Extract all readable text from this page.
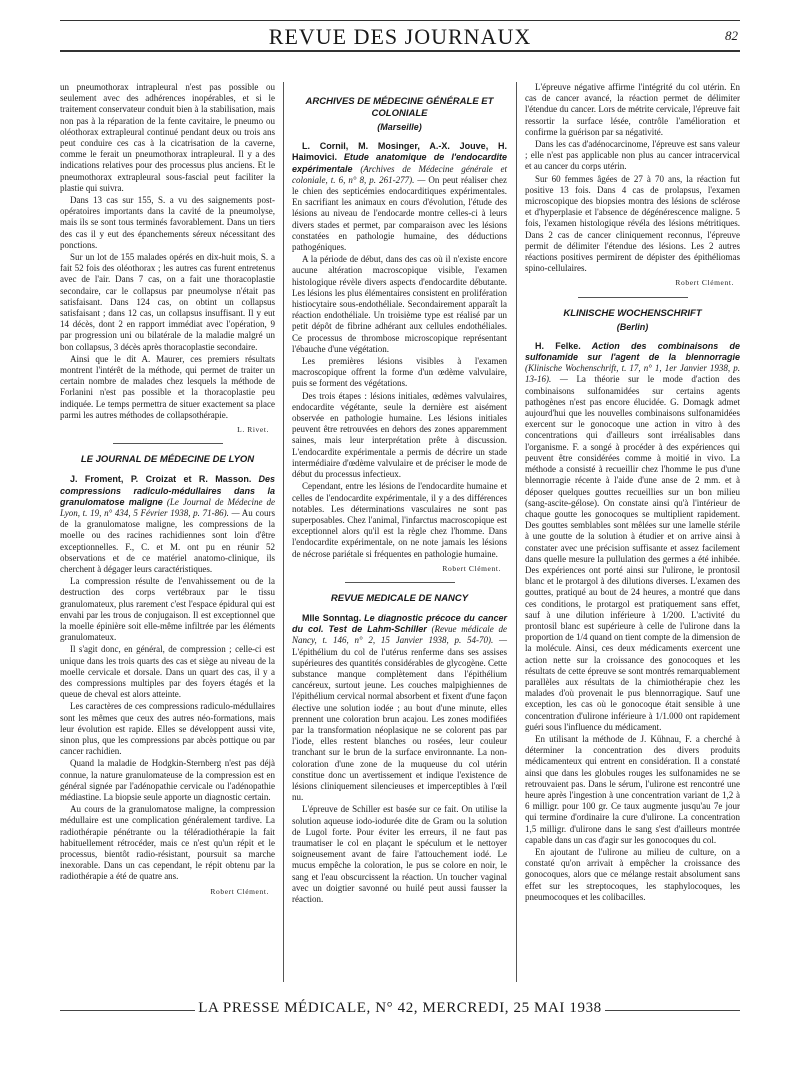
REVUE DES JOURNAUX	82

un pneumothorax intrapleural n'est pas possible ou seulement avec des adhérences inopérables, et si le traitement conservateur conduit bien à la stabilisation, mais non pas à la réparation de la fente cavitaire, le pneumo ou oléothorax extrapleural continué pendant deux ou trois ans peut conduire ces cas à la cicatrisation de la caverne, comme le ferait un pneumothorax intrapleural. Il y a des indications relatives pour des processus plus anciens. Et le pneumothorax extrapleural sous-fascial peut faciliter la plastie qui suivra.

Dans 13 cas sur 155, S. a vu des saignements post-opératoires importants dans la cavité de la pneumolyse, mais ils se sont tous terminés favorablement. Dans un tiers des cas il y eut des épanchements séreux nécessitant des ponctions.

Sur un lot de 155 malades opérés en dix-huit mois, S. a fait 52 fois des oléothorax ; les autres cas furent entretenus avec de l'air. Dans 7 cas, on a fait une thoracoplastie secondaire, car le collapsus par pneumolyse n'était pas satisfaisant. Dans 124 cas, on obtint un collapsus satisfaisant ; dans 12 cas, un collapsus insuffisant. Il y eut 14 décès, dont 2 en rapport immédiat avec l'opération, 9 par progression uni ou bilatérale de la maladie malgré un bon collapsus, 3 décès après thoracoplastie secondaire.

Ainsi que le dit A. Maurer, ces premiers résultats montrent l'intérêt de la méthode, qui permet de traiter un certain nombre de malades chez lesquels la méthode de Forlanini n'est pas possible et la thoracoplastie peu indiquée. Le temps permettra de situer exactement sa place parmi les autres méthodes de collapsothérapie.

L. Rivet.
LE JOURNAL DE MÉDECINE DE LYON

J. Froment, P. Croizat et R. Masson. Des compressions radiculo-médullaires dans la granulomatose maligne (Le Journal de Médecine de Lyon, t. 19, n° 434, 5 Février 1938, p. 71-86). — Au cours de la granulomatose maligne, les compressions de la moelle ou des racines rachidiennes sont loin d'être exceptionnelles. F., C. et M. ont pu en réunir 52 observations et de ce matériel anatomo-clinique, ils cherchent à dégager leurs caractéristiques.

La compression résulte de l'envahissement ou de la destruction des corps vertébraux par le tissu granulomateux, plus rarement c'est l'espace épidural qui est envahi par les trous de conjugaison. Il est exceptionnel que la moelle épinière soit elle-même infiltrée par les éléments granulomateux.

Il s'agit donc, en général, de compression ; celle-ci est unique dans les trois quarts des cas et siège au niveau de la moelle cervicale et dorsale. Dans un quart des cas, il y a des compressions multiples par des foyers étagés et la queue de cheval est alors atteinte.

Les caractères de ces compressions radiculo-médullaires sont les mêmes que ceux des autres néo-formations, mais leur évolution est rapide. Elles se développent aussi vite, sinon plus, que les compressions par abcès pottique ou par cancer rachidien.

Quand la maladie de Hodgkin-Sternberg n'est pas déjà connue, la nature granulomateuse de la compression est en général signée par l'adénopathie cervicale ou l'adénopathie médiastine. La biopsie seule apporte un diagnostic certain.

Au cours de la granulomatose maligne, la compression médullaire est une complication généralement tardive. La radiothérapie pénétrante ou la téléradiothérapie la fait habituellement rétrocéder, mais ce n'est qu'un répit et le processus, bientôt radio-résistant, poursuit sa marche inexorable. Dans un cas cependant, le répit obtenu par la radiothérapie a été de quatre ans.

Robert Clément.
ARCHIVES DE MÉDECINE GÉNÉRALE ET COLONIALE
(Marseille)

L. Cornil, M. Mosinger, A.-X. Jouve, H. Haimovici. Etude anatomique de l'endocardite expérimentale (Archives de Médecine générale et coloniale, t. 6, n° 8, p. 261-277). — On peut réaliser chez le chien des septicémies endocarditiques expérimentales. En sacrifiant les animaux en cours d'évolution, l'étude des lésions au niveau de l'endocarde montre celles-ci à leurs divers stades et permet, par comparaison avec les lésions constatées en pathologie humaine, des déductions pathogéniques.

A la période de début, dans des cas où il n'existe encore aucune altération macroscopique visible, l'examen histologique révèle divers aspects d'endocardite débutante. Les lésions les plus élémentaires consistent en prolifération histiocytaire sous-endothéliale. Secondairement apparaît la réaction endothéliale. Un troisième type est réalisé par un petit dépôt de fibrine adhérant aux cellules endothéliales. Ce processus de thrombose microscopique représentant l'ébauche d'une végétation.

Les premières lésions visibles à l'examen macroscopique offrent la forme d'un œdème valvulaire, puis se forment des végétations.

Des trois étapes : lésions initiales, œdèmes valvulaires, endocardite végétante, seule la dernière est aisément observée en pathologie humaine. Les lésions initiales peuvent être retrouvées en dehors des zones apparemment saines, mais leur interprétation prête à discussion. L'endocardite expérimentale a permis de décrire un stade intermédiaire d'œdème valvulaire et de préciser le mode de début du processus infectieux.

Cependant, entre les lésions de l'endocardite humaine et celles de l'endocardite expérimentale, il y a des différences notables. Les déterminations vasculaires ne sont pas superposables. Chez l'animal, l'infarctus macroscopique est exceptionnel alors qu'il est la règle chez l'homme. Dans l'endocardite expérimentale, on ne note jamais les lésions de nécrose pariétale si fréquentes en pathologie humaine.

Robert Clément.
REVUE MEDICALE DE NANCY

Mlle Sonntag. Le diagnostic précoce du cancer du col. Test de Lahm-Schiller (Revue médicale de Nancy, t. 146, n° 2, 15 Janvier 1938, p. 54-70). — L'épithélium du col de l'utérus renferme dans ses assises supérieures des quantités considérables de glycogène. Cette substance manque complètement dans l'épithélium cancéreux, surtout jeune. Les couches malpighiennes de l'épithélium cervical normal absorbent et fixent d'une façon élective une solution iodée ; au bout d'une minute, elles prennent une coloration brun acajou. Les zones modifiées par la transformation néoplasique ne se colorent pas par l'iode, elles restent blanches ou rosées, leur couleur tranchant sur le brun de la surface environnante. La non-coloration d'une zone de la muqueuse du col utérin constitue donc un avertissement et indique l'existence de lésions cliniquement silencieuses et imperceptibles à l'œil nu.

L'épreuve de Schiller est basée sur ce fait. On utilise la solution aqueuse iodo-iodurée dite de Gram ou la solution de Lugol forte. Pour éviter les erreurs, il ne faut pas traumatiser le col en plaçant le spéculum et le nettoyer soigneusement avant de faire l'attouchement iodé. Le mucus empêche la coloration, le pus se colore en noir, le sang et l'eau obscurcissent la réaction. Un toucher vaginal avec un doigtier savonné ou huilé peut aussi fausser la réaction.

L'épreuve négative affirme l'intégrité du col utérin. En cas de cancer avancé, la réaction permet de délimiter l'étendue du cancer. Lors de métrite cervicale, l'épreuve fait ressortir la surface lésée, contrôle l'amélioration et confirme la guérison par sa négativité.

Dans les cas d'adénocarcinome, l'épreuve est sans valeur ; elle n'est pas applicable non plus au cancer intracervical et au cancer du corps utérin.

Sur 60 femmes âgées de 27 à 70 ans, la réaction fut positive 13 fois. Dans 4 cas de prolapsus, l'examen microscopique des biopsies montra des lésions de sclérose et d'hyperplasie et l'absence de dégénérescence maligne. 5 fois, l'examen histologique révéla des lésions métritiques. Dans 2 cas de cancer cliniquement reconnus, l'épreuve permit de délimiter l'étendue des lésions. Les 2 autres réactions positives permirent de dépister des épithéliomas spino-cellulaires.

Robert Clément.
KLINISCHE WOCHENSCHRIFT
(Berlin)

H. Felke. Action des combinaisons de sulfonamide sur l'agent de la blennorragie (Klinische Wochenschrift, t. 17, n° 1, 1er Janvier 1938, p. 13-16). — La théorie sur le mode d'action des combinaisons sulfonamidées sur certains agents pathogènes n'est pas encore élucidée. G. Domagk admet aujourd'hui que les nouvelles combinaisons sulfonamidées exercent sur le gonocoque une action in vitro à des concentrations qui d'ailleurs sont irréalisables dans l'organisme. F. a songé à procéder à des expériences qui peuvent être considérées comme à moitié in vivo. La méthode a consisté à recueillir chez l'homme le pus d'une blennorragie récente à l'aide d'une anse de 2 mm. et à déposer quelques gouttes recueillies sur un bon milieu (sang-ascite-gélose). On constate ainsi qu'à l'intérieur de chaque goutte les gonocoques se multiplient rapidement. Des gouttes semblables sont mêlées sur une lamelle stérile à une goutte de la solution à étudier et on arrive ainsi à constater avec une précision suffisante et assez facilement dans quelle mesure la pullulation des germes a été inhibée. Des expériences ont porté ainsi sur l'ulirone, le prontosil blanc et le protargol à des dilutions diverses. L'examen des gouttes, pratiqué au bout de 24 heures, a montré que dans ces conditions, le protargol est pratiquement sans effet, sauf à une dilution inférieure à 1/200. L'activité du prontosil blanc est supérieure à celle de l'ulirone dans la proportion de 1/4 quand on tient compte de la dimension de la molécule. Ainsi, ces deux médicaments exercent une action nette sur la croissance des gonocoques et les résultats de cette épreuve se sont montrés remarquablement parallèles aux résultats de la chimiothérapie chez les malades d'où provenait le pus blennorragique. Sauf une exception, les cas où le gonocoque était sensible à une concentration d'ulirone inférieure à 1/1.000 ont rapidement guéri sous l'influence du médicament.

En utilisant la méthode de J. Kühnau, F. a cherché à déterminer la concentration des divers produits médicamenteux qui entrent en considération. Il a constaté ainsi que dans les globules rouges les sulfonamides ne se retrouvaient pas. Dans le sérum, l'ulirone est rencontré une heure après l'ingestion à une concentration variant de 1,2 à 6 milligr. pour 100 gr. Ce taux augmente jusqu'au 7e jour qui termine d'ordinaire la cure d'ulirone. La concentration 1,5 milligr. d'ulirone dans le sang s'est d'ailleurs montrée capable dans un cas d'agir sur les gonocoques du col.

En ajoutant de l'ulirone au milieu de culture, on a constaté qu'on arrivait à empêcher la croissance des gonocoques, alors que ce mélange restait absolument sans effet sur les streptocoques, les staphylocoques, les pneumocoques et les colibacilles.

LA PRESSE MÉDICALE, N° 42, MERCREDI, 25 MAI 1938
